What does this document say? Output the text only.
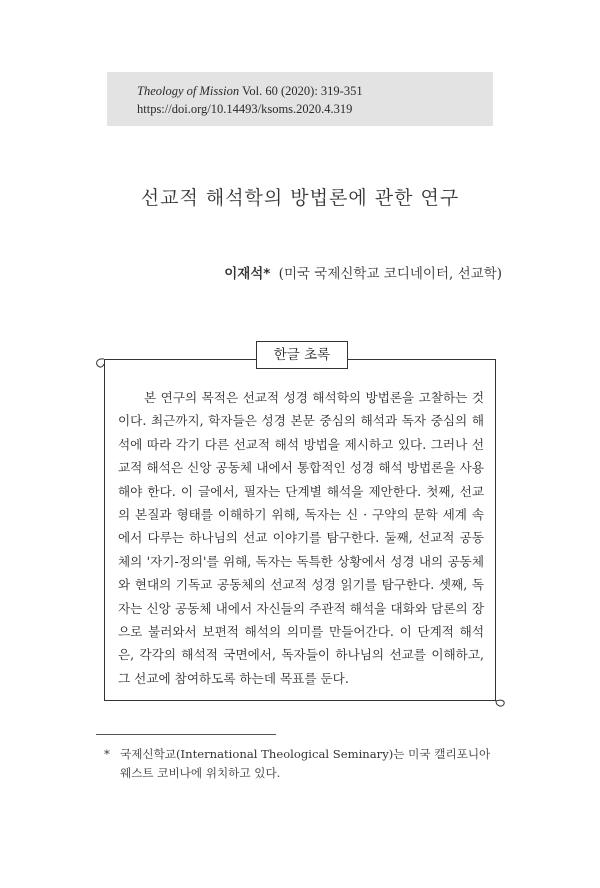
Theology of Mission Vol. 60 (2020): 319-351
https://doi.org/10.14493/ksoms.2020.4.319
선교적 해석학의 방법론에 관한 연구
이재석* (미국 국제신학교 코디네이터, 선교학)
한글 초록

본 연구의 목적은 선교적 성경 해석학의 방법론을 고찰하는 것이다. 최근까지, 학자들은 성경 본문 중심의 해석과 독자 중심의 해석에 따라 각기 다른 선교적 해석 방법을 제시하고 있다. 그러나 선교적 해석은 신앙 공동체 내에서 통합적인 성경 해석 방법론을 사용해야 한다. 이 글에서, 필자는 단계별 해석을 제안한다. 첫째, 선교의 본질과 형태를 이해하기 위해, 독자는 신 · 구약의 문학 세계 속에서 다루는 하나님의 선교 이야기를 탐구한다. 둘째, 선교적 공동체의 '자기-정의'를 위해, 독자는 독특한 상황에서 성경 내의 공동체와 현대의 기독교 공동체의 선교적 성경 읽기를 탐구한다. 셋째, 독자는 신앙 공동체 내에서 자신들의 주관적 해석을 대화와 담론의 장으로 불러와서 보편적 해석의 의미를 만들어간다. 이 단계적 해석은, 각각의 해석적 국면에서, 독자들이 하나님의 선교를 이해하고, 그 선교에 참여하도록 하는데 목표를 둔다.

* 국제신학교(International Theological Seminary)는 미국 캘리포니아 웨스트 코비나에 위치하고 있다.
